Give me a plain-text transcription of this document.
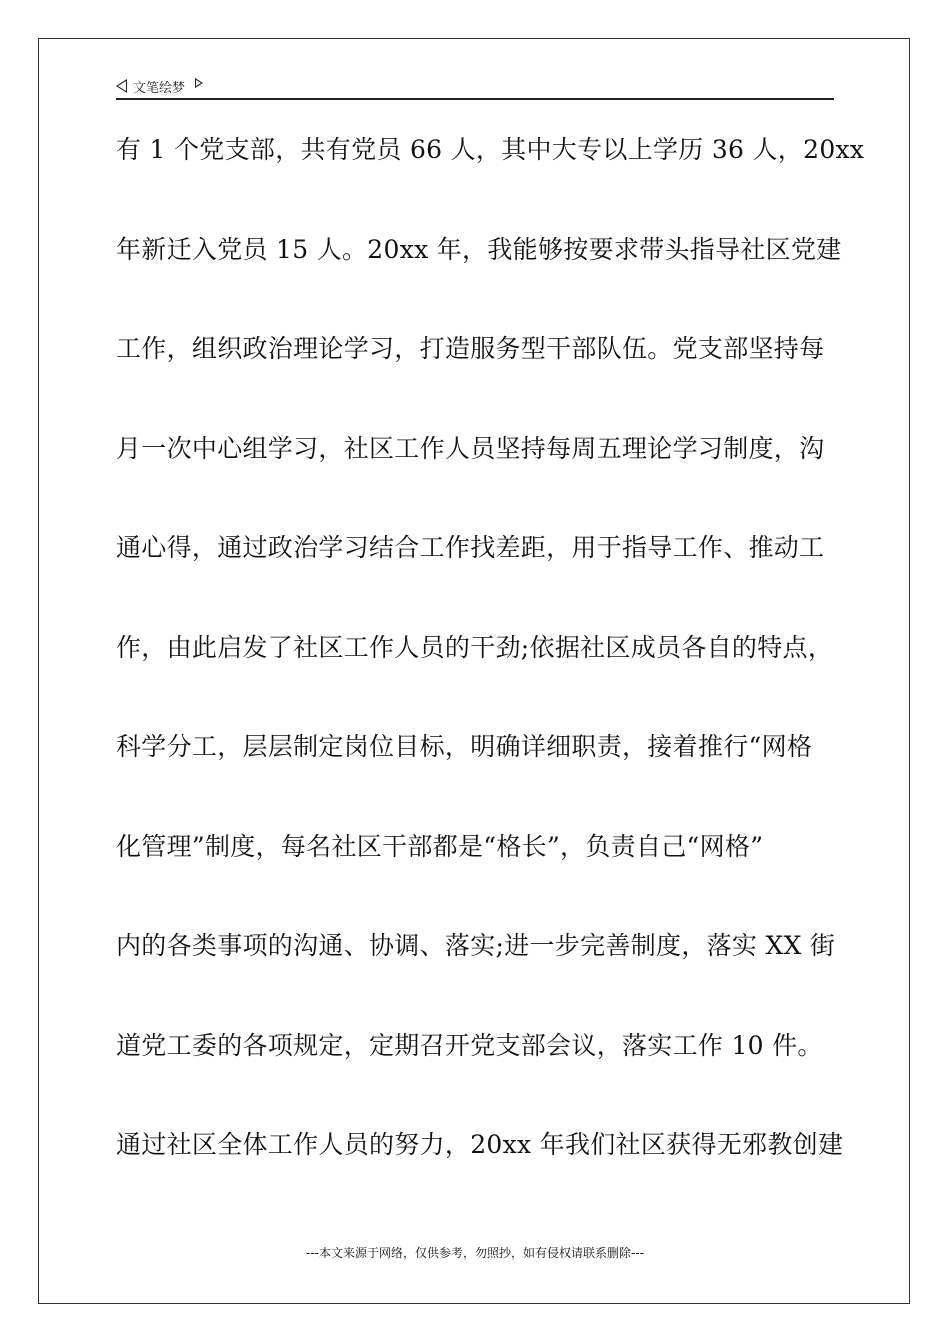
文笔绘梦
有 1 个党支部，共有党员 66 人，其中大专以上学历 36 人，20xx
年新迁入党员 15 人。20xx 年，我能够按要求带头指导社区党建
工作，组织政治理论学习，打造服务型干部队伍。党支部坚持每
月一次中心组学习，社区工作人员坚持每周五理论学习制度，沟
通心得，通过政治学习结合工作找差距，用于指导工作、推动工
作，由此启发了社区工作人员的干劲;依据社区成员各自的特点，
科学分工，层层制定岗位目标，明确详细职责，接着推行“网格
化管理”制度，每名社区干部都是“格长”，负责自己“网格”
内的各类事项的沟通、协调、落实;进一步完善制度，落实 XX 街
道党工委的各项规定，定期召开党支部会议，落实工作 10 件。
通过社区全体工作人员的努力，20xx 年我们社区获得无邪教创建
---本文来源于网络，仅供参考，勿照抄，如有侵权请联系删除---
